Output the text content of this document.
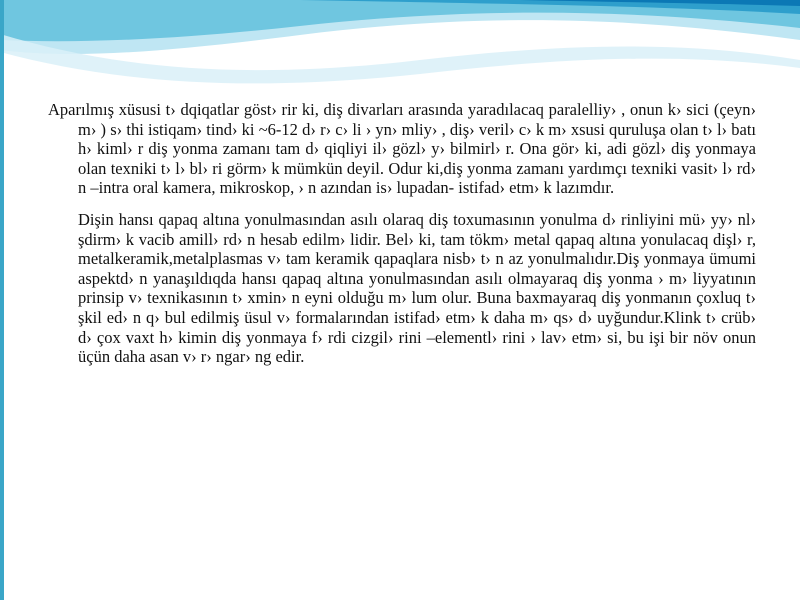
Aparılmış xüsusi t› dqiqatlar göst› rir ki, diş divarları arasında yaradılacaq paralelliy› , onun k› sici (çeyn› m› ) s› thi istiqam› tind› ki ~6-12 d› r› c› li › yn› mliy› , diş› veril› c› k m› xsusi quruluşa olan t› l› batı h› kiml› r diş yonma zamanı tam d› qiqliyi il› gözl› y› bilmirl› r. Ona gör› ki, adi gözl› diş yonmaya olan texniki t› l› bl› ri görm› k mümkün deyil. Odur ki,diş yonma zamanı yardımçı texniki vasit› l› rd› n –intra oral kamera, mikroskop, › n azından is› lupadan- istifad› etm› k lazımdır.

Dişin hansı qapaq altına yonulmasından asılı olaraq diş toxumasının yonulma d› rinliyini mü› yy› nl› şdirm› k vacib amill› rd› n hesab edilm› lidir. Bel› ki, tam tökm› metal qapaq altına yonulacaq dişl› r, metalkeramik,metalplasmas v› tam keramik qapaqlara nisb› t› n az yonulmalıdır.Diş yonmaya ümumi aspektd› n yanaşıldıqda hansı qapaq altına yonulmasından asılı olmayaraq diş yonma › m› liyyatının prinsip v› texnikasının t› xmin› n eyni olduğu m› lum olur. Buna baxmayaraq diş yonmanın çoxluq t› şkil ed› n q› bul edilmiş üsul v› formalarından istifad› etm› k daha m› qs› d› uyğundur.Klink t› crüb› d› çox vaxt h› kimin diş yonmaya f› rdi cizgil› rini –elementl› rini › lav› etm› si, bu işi bir növ onun üçün daha asan v› r› ngar› ng edir.
